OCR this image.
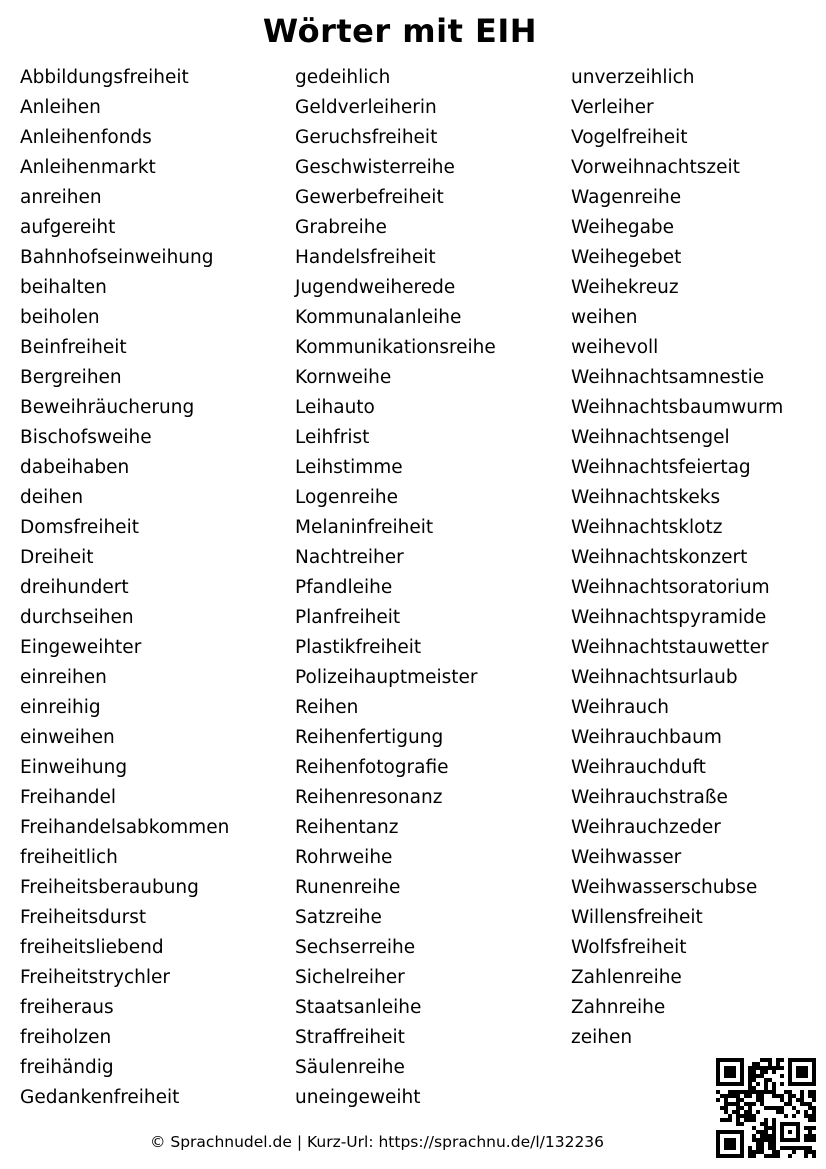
Wörter mit EIH
Abbildungsfreiheit
Anleihen
Anleihenfonds
Anleihenmarkt
anreihen
aufgereiht
Bahnhofseinweihung
beihalten
beiholen
Beinfreiheit
Bergreihen
Beweihräucherung
Bischofsweihe
dabeihaben
deihen
Domsfreiheit
Dreiheit
dreihundert
durchseihen
Eingeweihter
einreihen
einreihig
einweihen
Einweihung
Freihandel
Freihandelsabkommen
freiheitlich
Freiheitsberaubung
Freiheitsdurst
freiheitsliebend
Freiheitstrychler
freiheraus
freiholzen
freihändig
Gedankenfreiheit
gedeihlich
Geldverleiherin
Geruchsfreiheit
Geschwisterreihe
Gewerbefreiheit
Grabreihe
Handelsfreiheit
Jugendweiherede
Kommunalanleihe
Kommunikationsreihe
Kornweihe
Leihauto
Leihfrist
Leihstimme
Logenreihe
Melaninfreiheit
Nachtreiher
Pfandleihe
Planfreiheit
Plastikfreiheit
Polizeihauptmeister
Reihen
Reihenfertigung
Reihenfotografie
Reihenresonanz
Reihentanz
Rohrweihe
Runenreihe
Satzreihe
Sechserreihe
Sichelreiher
Staatsanleihe
Straffreiheit
Säulenreihe
uneingeweiht
unverzeihlich
Verleiher
Vogelfreiheit
Vorweihnachtszeit
Wagenreihe
Weihegabe
Weihegebet
Weihekreuz
weihen
weihevoll
Weihnachtsamnestie
Weihnachtsbaumwurm
Weihnachtsengel
Weihnachtsfeiertag
Weihnachtskeks
Weihnachtsklotz
Weihnachtskonzert
Weihnachtsoratorium
Weihnachtspyramide
Weihnachtstauwetter
Weihnachtsurlaub
Weihrauch
Weihrauchbaum
Weihrauchduft
Weihrauchstraße
Weihrauchzeder
Weihwasser
Weihwasserschubse
Willensfreiheit
Wolfsfreiheit
Zahlenreihe
Zahnreihe
zeihen
© Sprachnudel.de | Kurz-Url: https://sprachnu.de/l/132236
